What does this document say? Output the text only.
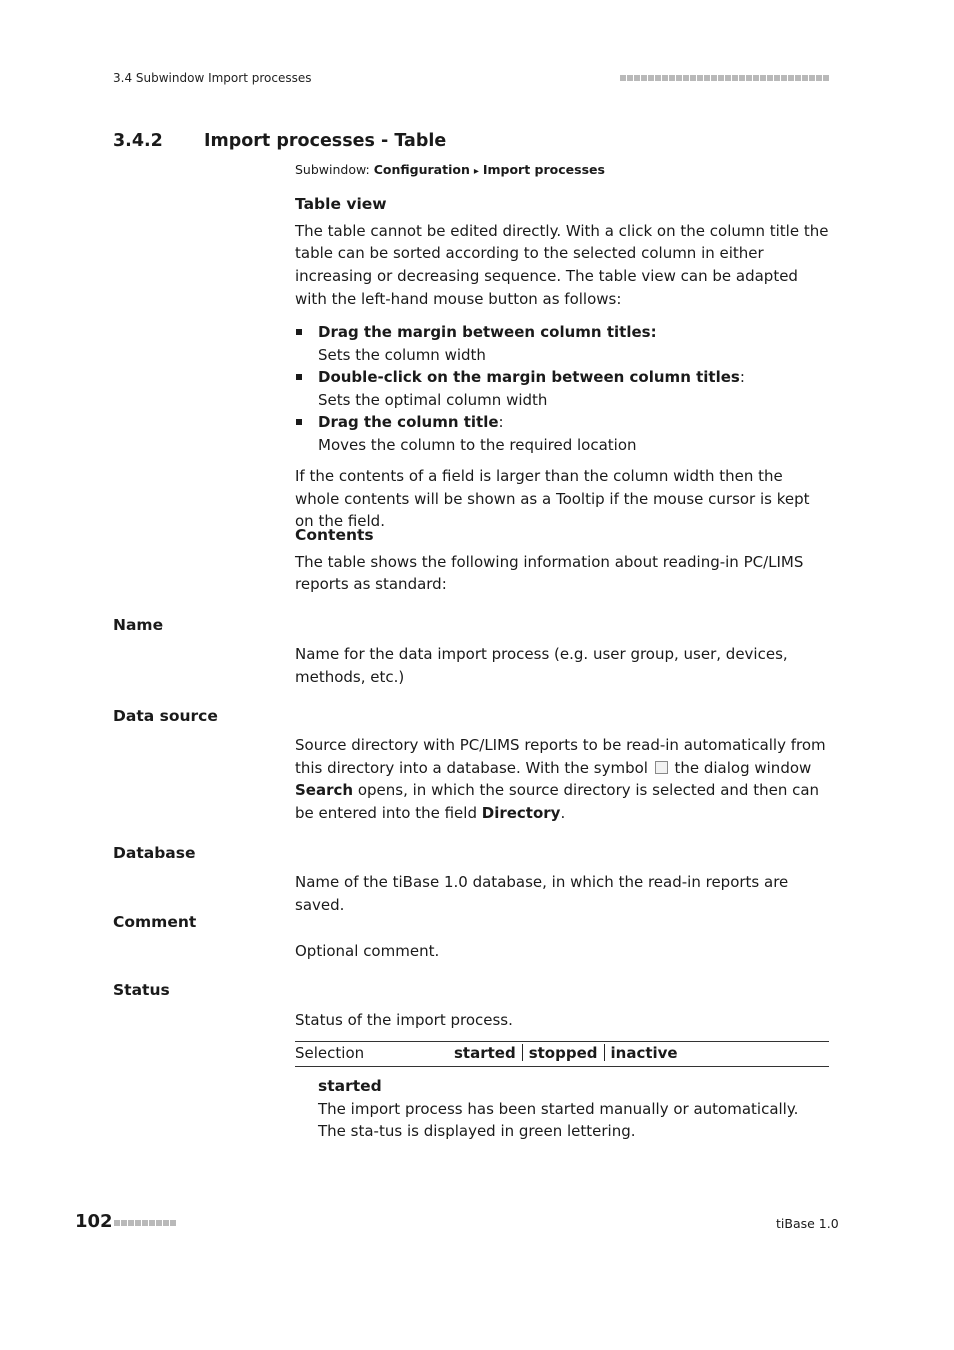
3.4 Subwindow Import processes
3.4.2 Import processes - Table
Subwindow: Configuration ▸ Import processes
Table view

The table cannot be edited directly. With a click on the column title the table can be sorted according to the selected column in either increasing or decreasing sequence. The table view can be adapted with the left-hand mouse button as follows:

Drag the margin between column titles:
Sets the column width
Double-click on the margin between column titles:
Sets the optimal column width
Drag the column title:
Moves the column to the required location
If the contents of a field is larger than the column width then the whole contents will be shown as a Tooltip if the mouse cursor is kept on the field.
Contents

The table shows the following information about reading-in PC/LIMS reports as standard:

Name
Name for the data import process (e.g. user group, user, devices, methods, etc.)
Data source
Source directory with PC/LIMS reports to be read-in automatically from this directory into a database. With the symbol  the dialog window Search opens, in which the source directory is selected and then can be entered into the field Directory.
Database
Name of the tiBase 1.0 database, in which the read-in reports are saved.
Comment
Optional comment.
Status
Status of the import process.
Selection	started stopped inactive
started
The import process has been started manually or automatically. The sta-tus is displayed in green lettering.
102	tiBase 1.0
